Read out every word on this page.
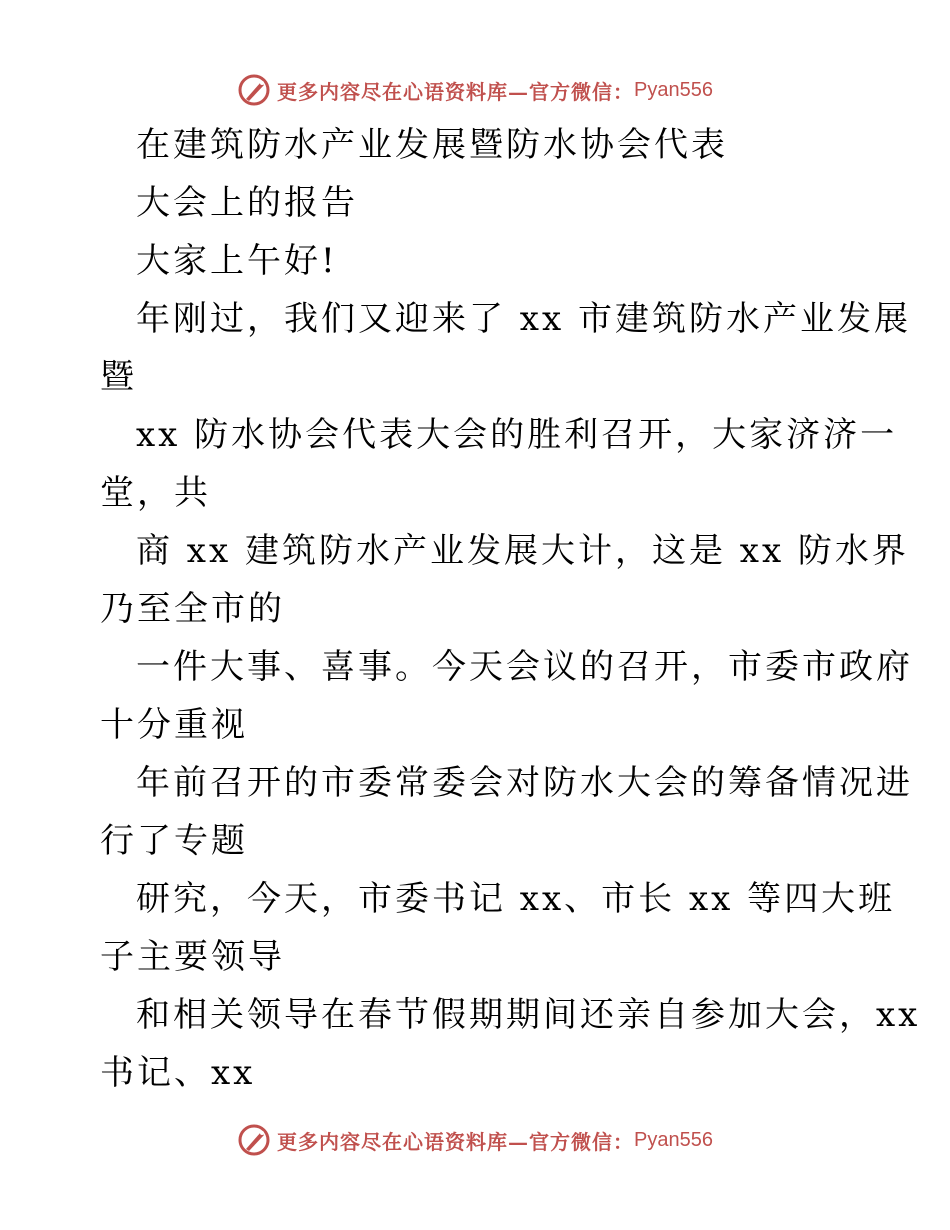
更多内容尽在心语资料库—官方微信： Pyan556
在建筑防水产业发展暨防水协会代表
大会上的报告
大家上午好!
年刚过，我们又迎来了 xx 市建筑防水产业发展
暨
xx 防水协会代表大会的胜利召开，大家济济一
堂，共
商 xx 建筑防水产业发展大计，这是 xx 防水界
乃至全市的
一件大事、喜事。今天会议的召开，市委市政府
十分重视
年前召开的市委常委会对防水大会的筹备情况进
行了专题
研究，今天，市委书记 xx、市长 xx 等四大班
子主要领导
和相关领导在春节假期期间还亲自参加大会，xx
书记、xx
更多内容尽在心语资料库—官方微信： Pyan556
